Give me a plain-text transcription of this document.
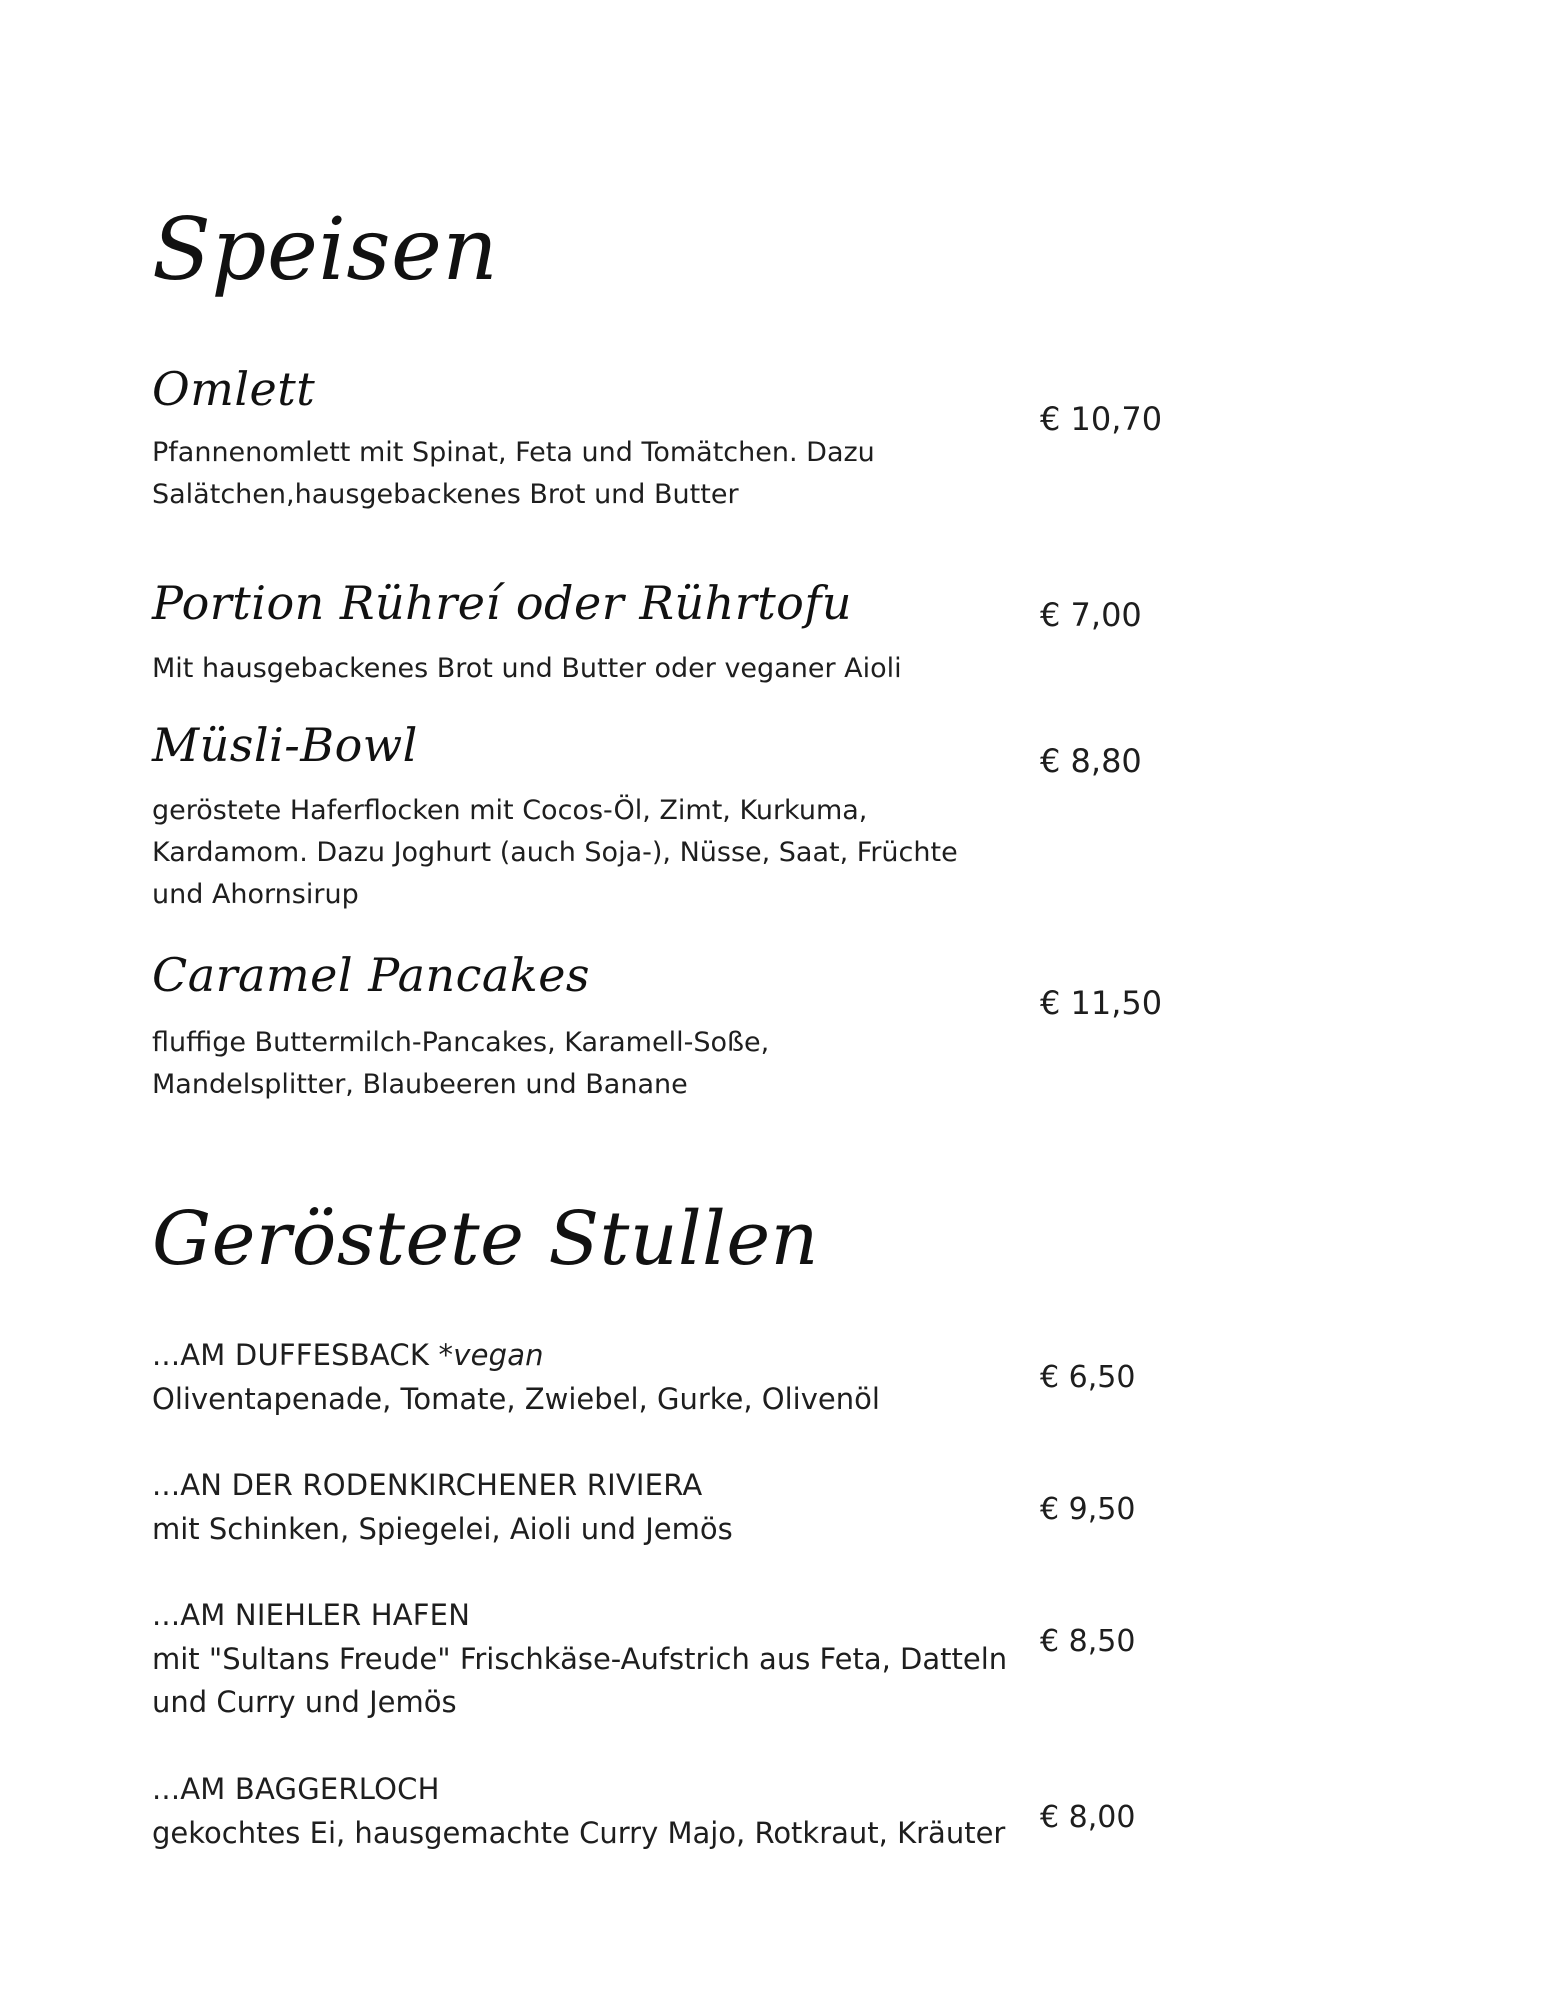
Speisen
Omlett
€ 10,70
Pfannenomlett mit Spinat, Feta und Tomätchen. Dazu
Salätchen,hausgebackenes Brot und Butter
Portion Rühreí oder Rührtofu	€ 7,00
Mit hausgebackenes Brot und Butter oder veganer Aioli
Müsli-Bowl	€ 8,80
geröstete Haferflocken mit Cocos-Öl, Zimt, Kurkuma,
Kardamom. Dazu Joghurt (auch Soja-), Nüsse, Saat, Früchte
und Ahornsirup
Caramel Pancakes
€ 11,50
fluffige Buttermilch-Pancakes, Karamell-Soße,
Mandelsplitter, Blaubeeren und Banane
Geröstete Stullen
...AM DUFFESBACK *vegan
Oliventapenade, Tomate, Zwiebel, Gurke, Olivenöl
€ 6,50
...AN DER RODENKIRCHENER RIVIERA
mit Schinken, Spiegelei, Aioli und Jemös
€ 9,50
...AM NIEHLER HAFEN
mit "Sultans Freude" Frischkäse-Aufstrich aus Feta, Datteln
und Curry und Jemös
€ 8,50
...AM BAGGERLOCH
gekochtes Ei, hausgemachte Curry Majo, Rotkraut, Kräuter € 8,00
